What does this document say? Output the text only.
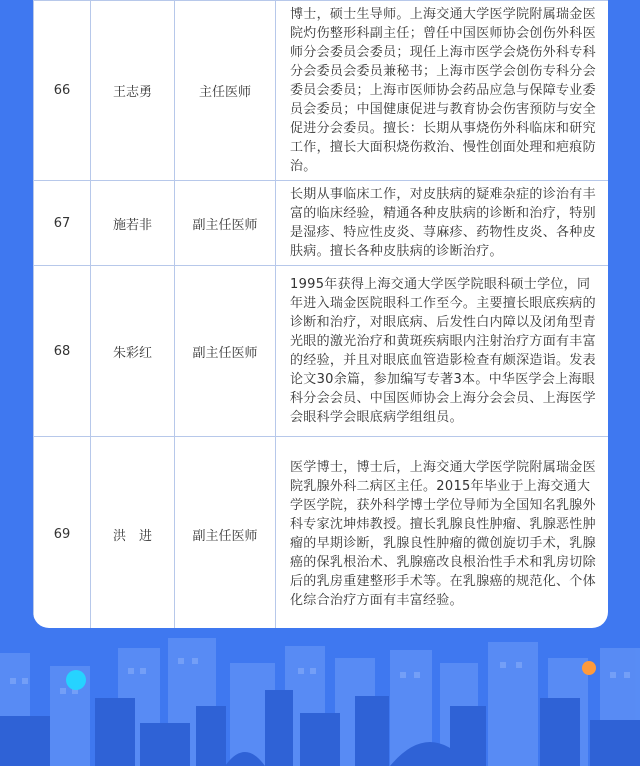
66	王志勇	主任医师	博士，硕士生导师。上海交通大学医学院附属瑞金医院灼伤整形科副主任；曾任中国医师协会创伤外科医师分会委员会委员；现任上海市医学会烧伤外科专科分会委员会委员兼秘书；上海市医学会创伤专科分会委员会委员；上海市医师协会药品应急与保障专业委员会委员；中国健康促进与教育协会伤害预防与安全促进分会委员。擅长：长期从事烧伤外科临床和研究工作，擅长大面积烧伤救治、慢性创面处理和疤痕防治。
67	施若非	副主任医师	长期从事临床工作，对皮肤病的疑难杂症的诊治有丰富的临床经验，精通各种皮肤病的诊断和治疗，特别是湿疹、特应性皮炎、荨麻疹、药物性皮炎、各种皮肤病。擅长各种皮肤病的诊断治疗。
68	朱彩红	副主任医师	1995年获得上海交通大学医学院眼科硕士学位，同年进入瑞金医院眼科工作至今。主要擅长眼底疾病的诊断和治疗，对眼底病、后发性白内障以及闭角型青光眼的激光治疗和黄斑疾病眼内注射治疗方面有丰富的经验，并且对眼底血管造影检查有颇深造诣。发表论文30余篇，参加编写专著3本。中华医学会上海眼科分会会员、中国医师协会上海分会会员、上海医学会眼科学会眼底病学组组员。
69	洪　进	副主任医师	医学博士，博士后，上海交通大学医学院附属瑞金医院乳腺外科二病区主任。2015年毕业于上海交通大学医学院，获外科学博士学位导师为全国知名乳腺外科专家沈坤炜教授。擅长乳腺良性肿瘤、乳腺恶性肿瘤的早期诊断，乳腺良性肿瘤的微创旋切手术，乳腺癌的保乳根治术、乳腺癌改良根治性手术和乳房切除后的乳房重建整形手术等。在乳腺癌的规范化、个体化综合治疗方面有丰富经验。
